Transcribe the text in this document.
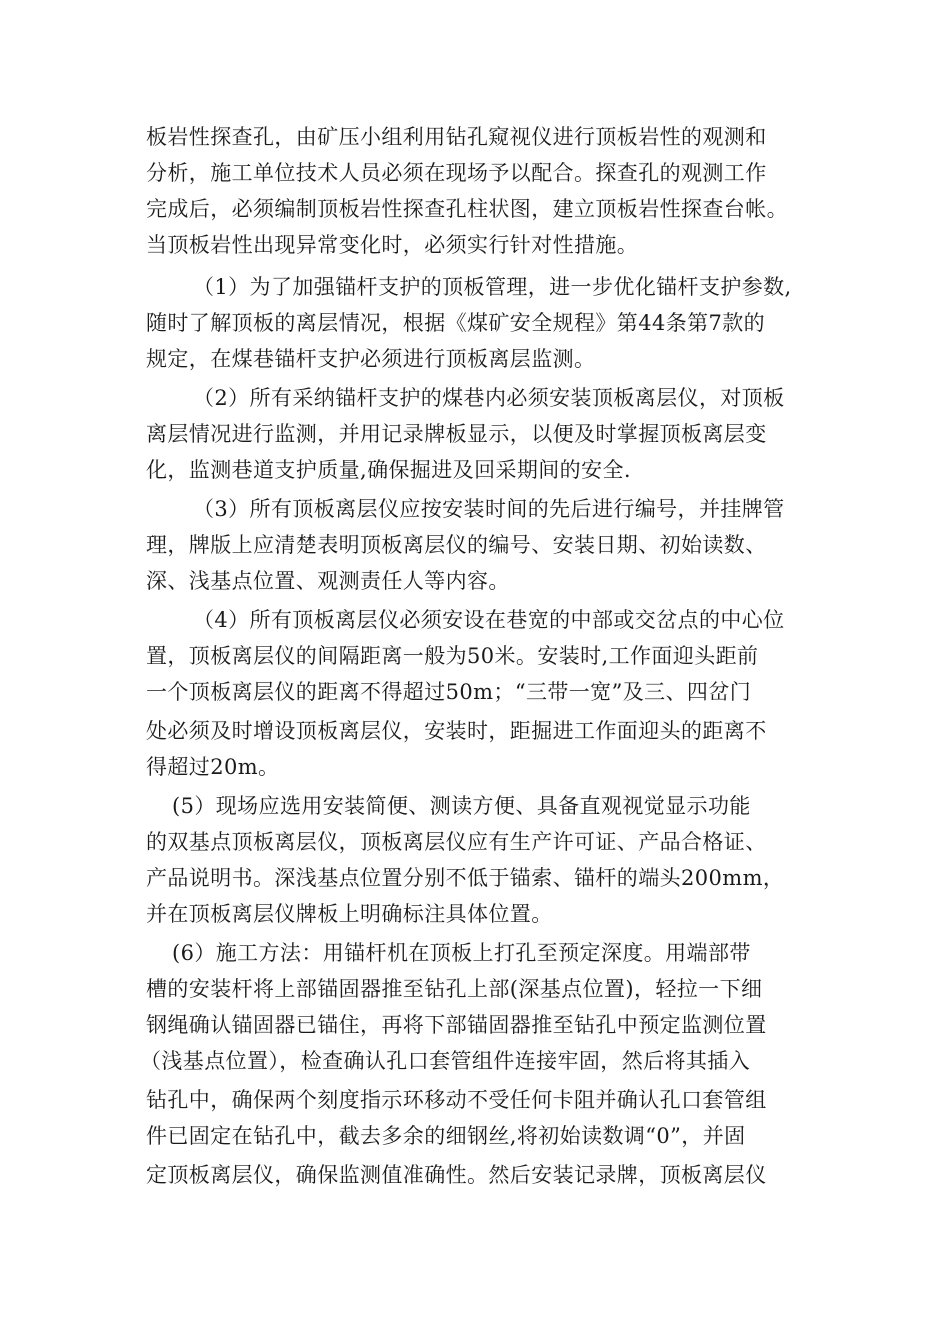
板岩性探查孔，由矿压小组利用钻孔窥视仪进行顶板岩性的观测和
分析，施工单位技术人员必须在现场予以配合。探查孔的观测工作
完成后，必须编制顶板岩性探查孔柱状图，建立顶板岩性探查台帐。
当顶板岩性出现异常变化时，必须实行针对性措施。
（1）为了加强锚杆支护的顶板管理，进一步优化锚杆支护参数,
随时了解顶板的离层情况，根据《煤矿安全规程》第44条第7款的
规定，在煤巷锚杆支护必须进行顶板离层监测。
（2）所有采纳锚杆支护的煤巷内必须安装顶板离层仪，对顶板
离层情况进行监测，并用记录牌板显示，以便及时掌握顶板离层变
化，监测巷道支护质量,确保掘进及回采期间的安全.
（3）所有顶板离层仪应按安装时间的先后进行编号，并挂牌管
理，牌版上应清楚表明顶板离层仪的编号、安装日期、初始读数、
深、浅基点位置、观测责任人等内容。
（4）所有顶板离层仪必须安设在巷宽的中部或交岔点的中心位
置，顶板离层仪的间隔距离一般为50米。安装时,工作面迎头距前
一个顶板离层仪的距离不得超过50m；“三带一宽”及三、四岔门
处必须及时增设顶板离层仪，安装时，距掘进工作面迎头的距离不
得超过20m。
(5）现场应选用安装简便、测读方便、具备直观视觉显示功能
的双基点顶板离层仪，顶板离层仪应有生产许可证、产品合格证、
产品说明书。深浅基点位置分别不低于锚索、锚杆的端头200mm，
并在顶板离层仪牌板上明确标注具体位置。
(6）施工方法：用锚杆机在顶板上打孔至预定深度。用端部带
槽的安装杆将上部锚固器推至钻孔上部(深基点位置)，轻拉一下细
钢绳确认锚固器已锚住，再将下部锚固器推至钻孔中预定监测位置
（浅基点位置），检查确认孔口套管组件连接牢固，然后将其插入
钻孔中，确保两个刻度指示环移动不受任何卡阻并确认孔口套管组
件已固定在钻孔中，截去多余的细钢丝,将初始读数调“0”，并固
定顶板离层仪，确保监测值准确性。然后安装记录牌，顶板离层仪
